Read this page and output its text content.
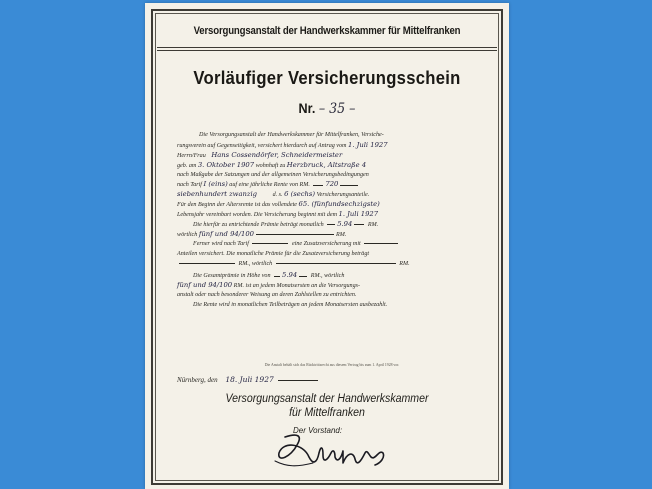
Versorgungsanstalt der Handwerkskammer für Mittelfranken
Vorläufiger Versicherungsschein
Nr. – 35 –
Die Versorgungsanstalt der Handwerkskammer für Mittelfranken, Versiche-
rungsverein auf Gegenseitigkeit, versichert hierdurch auf Antrag vom 1. Juli 1927
Herrn/Frau Hans Cossendörfer, Schneidermeister
geb. am 3. Oktober 1907 wohnhaft zu Herzbruck, Altstraße 4
nach Maßgabe der Satzungen und der allgemeinen Versicherungsbedingungen
nach Tarif I (eins) auf eine jährliche Rente von RM. 720
siebenhundert zwanzig	d. s. 6 (sechs) Versicherungsanteile.
Für den Beginn der Altersrente ist das vollendete 65. (fünfundsechzigste)
Lebensjahr vereinbart worden. Die Versicherung beginnt mit dem 1. Juli 1927
Die hierfür zu entrichtende Prämie beträgt monatlich 5.94	RM.
wörtlich fünf und 94/100	RM.
Ferner wird nach Tarif	eine Zusatzversicherung mit
Anteilen versichert. Die monatliche Prämie für die Zusatzversicherung beträgt
RM., wörtlich	RM.
Die Gesamtprämie in Höhe von 5.94 RM., wörtlich
fünf und 94/100 RM. ist an jedem Monatsersten an die Versorgungs-
anstalt oder nach besonderer Weisung an deren Zahlstellen zu entrichten.
Die Rente wird in monatlichen Teilbeträgen an jedem Monatsersten ausbezahlt.
Die Anstalt behält sich das Rücktrittsrecht aus diesem Vertrag bis zum 1. April 1928 vor.
Nürnberg, den 18. Juli 1927
Versorgungsanstalt der Handwerkskammer
für Mittelfranken
Der Vorstand:
